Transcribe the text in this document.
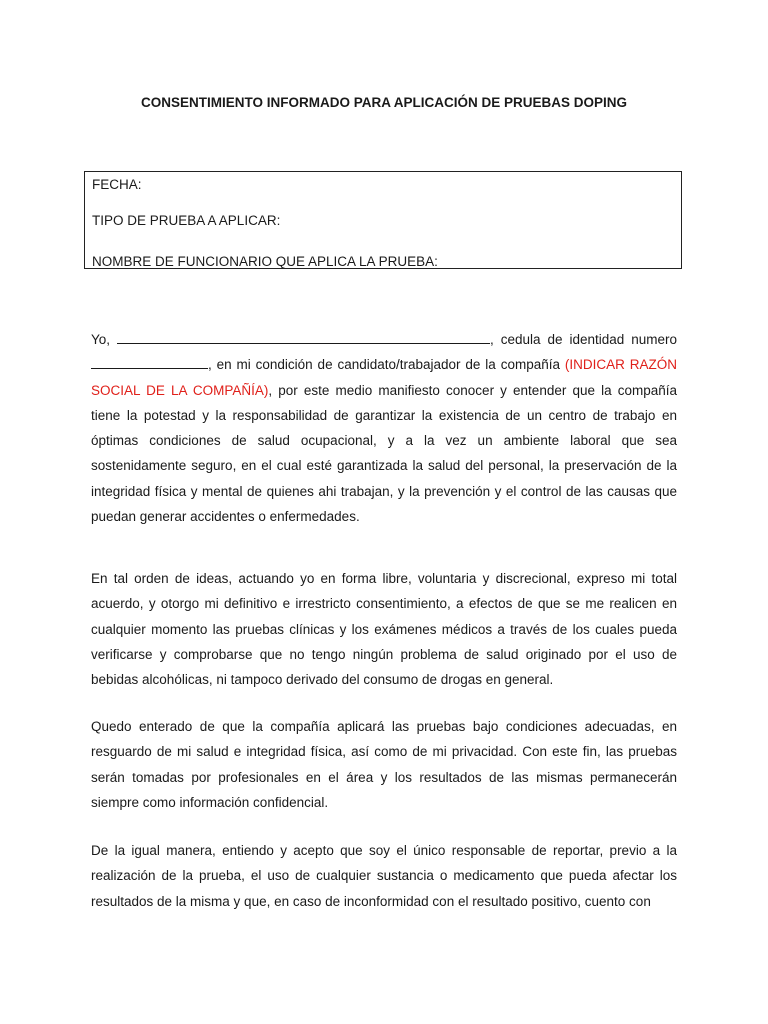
CONSENTIMIENTO INFORMADO PARA APLICACIÓN DE PRUEBAS DOPING
FECHA:
TIPO DE PRUEBA A APLICAR:
NOMBRE DE FUNCIONARIO QUE APLICA LA PRUEBA:
Yo,	, cedula de identidad numero , en mi condición de candidato/trabajador de la compañía (INDICAR RAZÓN SOCIAL DE LA COMPAÑÍA), por este medio manifiesto conocer y entender que la compañía tiene la potestad y la responsabilidad de garantizar la existencia de un centro de trabajo en óptimas condiciones de salud ocupacional, y a la vez un ambiente laboral que sea sostenidamente seguro, en el cual esté garantizada la salud del personal, la preservación de la integridad física y mental de quienes ahi trabajan, y la prevención y el control de las causas que puedan generar accidentes o enfermedades.
En tal orden de ideas, actuando yo en forma libre, voluntaria y discrecional, expreso mi total acuerdo, y otorgo mi definitivo e irrestricto consentimiento, a efectos de que se me realicen en cualquier momento las pruebas clínicas y los exámenes médicos a través de los cuales pueda verificarse y comprobarse que no tengo ningún problema de salud originado por el uso de bebidas alcohólicas, ni tampoco derivado del consumo de drogas en general.
Quedo enterado de que la compañía aplicará las pruebas bajo condiciones adecuadas, en resguardo de mi salud e integridad física, así como de mi privacidad. Con este fin, las pruebas serán tomadas por profesionales en el área y los resultados de las mismas permanecerán siempre como información confidencial.
De la igual manera, entiendo y acepto que soy el único responsable de reportar, previo a la realización de la prueba, el uso de cualquier sustancia o medicamento que pueda afectar los resultados de la misma y que, en caso de inconformidad con el resultado positivo, cuento con
